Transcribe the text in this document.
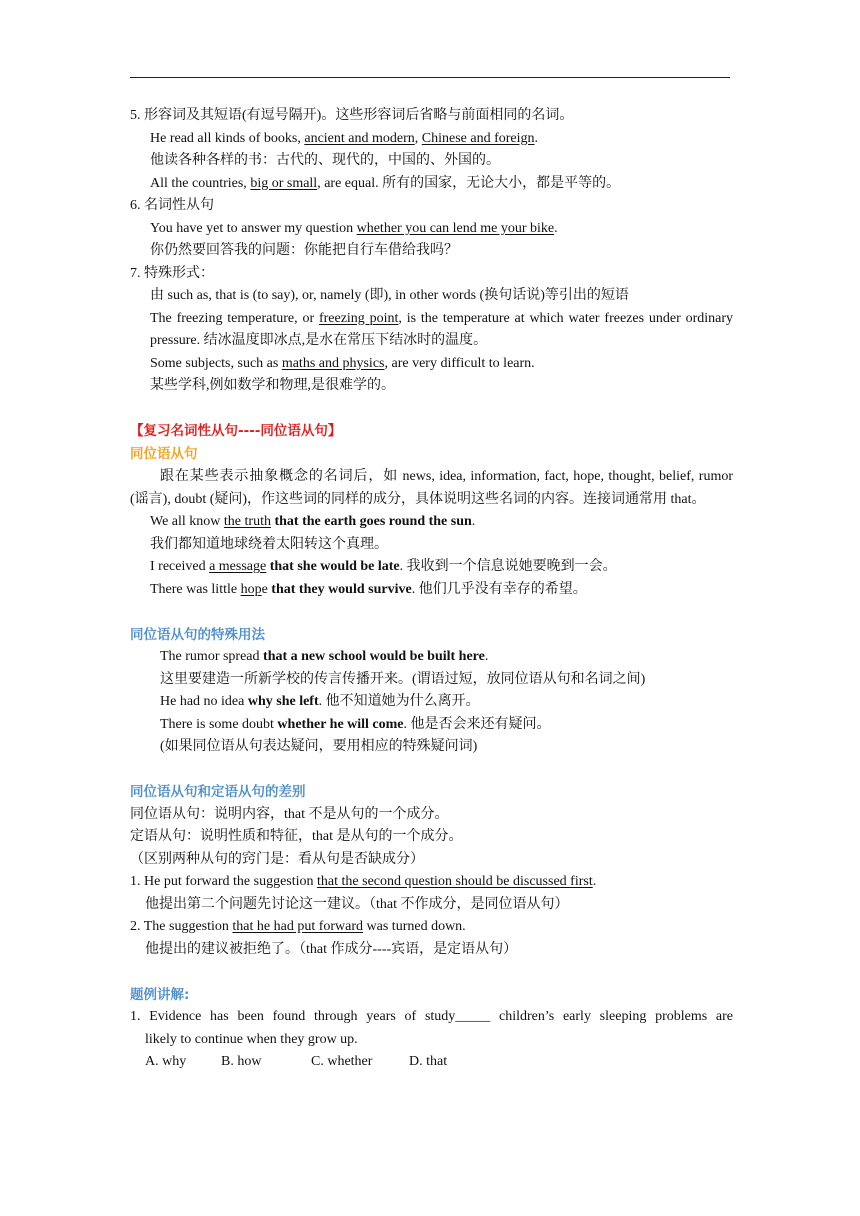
5. 形容词及其短语(有逗号隔开)。这些形容词后省略与前面相同的名词。
He read all kinds of books, ancient and modern, Chinese and foreign.
他读各种各样的书：古代的、现代的，中国的、外国的。
All the countries, big or small, are equal. 所有的国家，无论大小，都是平等的。
6. 名词性从句
You have yet to answer my question whether you can lend me your bike.
你仍然要回答我的问题：你能把自行车借给我吗？
7. 特殊形式：
由 such as, that is (to say), or, namely (即), in other words (换句话说)等引出的短语
The freezing temperature, or freezing point, is the temperature at which water freezes under ordinary pressure. 结冰温度即冰点,是水在常压下结冰时的温度。
Some subjects, such as maths and physics, are very difficult to learn.
某些学科,例如数学和物理,是很难学的。
【复习名词性从句----同位语从句】
同位语从句
跟在某些表示抽象概念的名词后，如 news, idea, information, fact, hope, thought, belief, rumor (谣言), doubt (疑问)，作这些词的同样的成分，具体说明这些名词的内容。连接词通常用 that。
We all know the truth that the earth goes round the sun.
我们都知道地球绕着太阳转这个真理。
I received a message that she would be late. 我收到一个信息说她要晚到一会。
There was little hope that they would survive. 他们几乎没有幸存的希望。
同位语从句的特殊用法
The rumor spread that a new school would be built here.
这里要建造一所新学校的传言传播开来。(谓语过短，放同位语从句和名词之间)
He had no idea why she left. 他不知道她为什么离开。
There is some doubt whether he will come. 他是否会来还有疑问。
(如果同位语从句表达疑问，要用相应的特殊疑问词)
同位语从句和定语从句的差别
同位语从句：说明内容，that 不是从句的一个成分。
定语从句：说明性质和特征，that 是从句的一个成分。
（区别两种从句的窍门是：看从句是否缺成分）
1. He put forward the suggestion that the second question should be discussed first.
他提出第二个问题先讨论这一建议。（that 不作成分，是同位语从句）
2. The suggestion that he had put forward was turned down.
他提出的建议被拒绝了。（that 作成分----宾语，是定语从句）
题例讲解:
1. Evidence has been found through years of study_____ children’s early sleeping problems are
likely to continue when they grow up.
A. why B. how	C. whether	D. that
